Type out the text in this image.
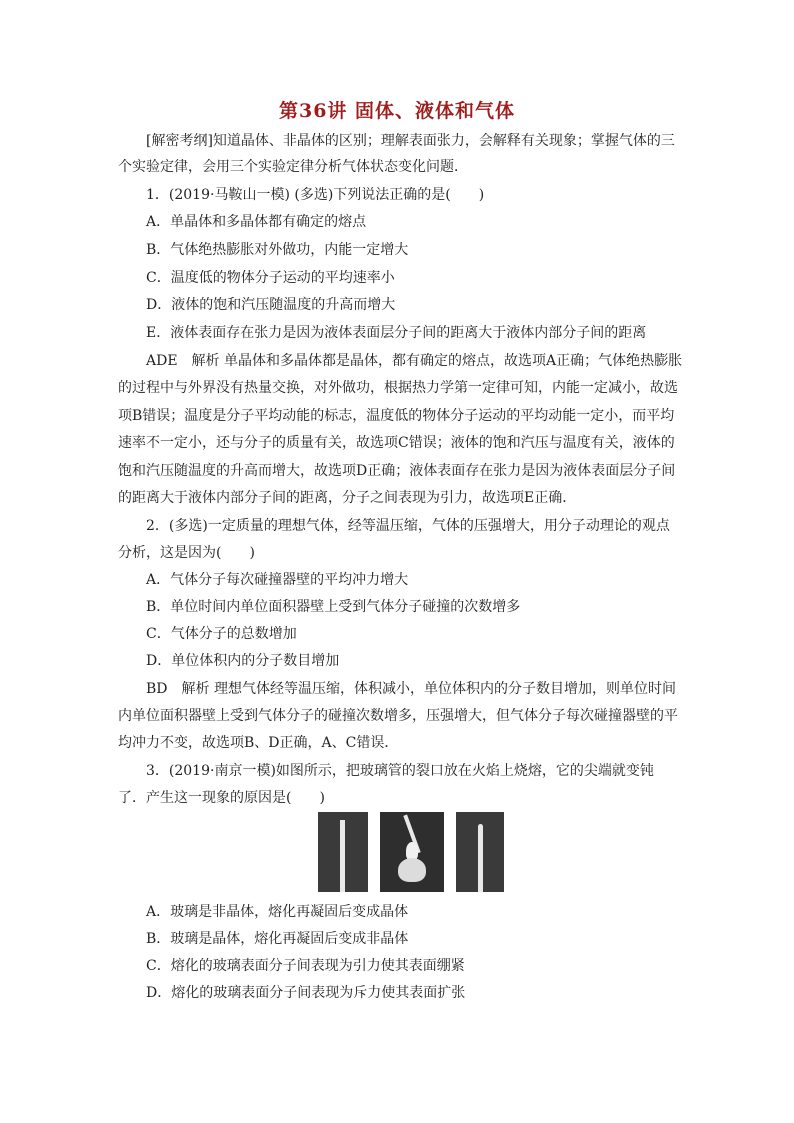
第36讲 固体、液体和气体
[解密考纲]知道晶体、非晶体的区别；理解表面张力，会解释有关现象；掌握气体的三
个实验定律，会用三个实验定律分析气体状态变化问题．
1．(2019·马鞍山一模) (多选)下列说法正确的是(　　)
A．单晶体和多晶体都有确定的熔点
B．气体绝热膨胀对外做功，内能一定增大
C．温度低的物体分子运动的平均速率小
D．液体的饱和汽压随温度的升高而增大
E．液体表面存在张力是因为液体表面层分子间的距离大于液体内部分子间的距离
ADE　解析 单晶体和多晶体都是晶体，都有确定的熔点，故选项A正确；气体绝热膨胀
的过程中与外界没有热量交换，对外做功，根据热力学第一定律可知，内能一定减小，故选
项B错误；温度是分子平均动能的标志，温度低的物体分子运动的平均动能一定小，而平均
速率不一定小，还与分子的质量有关，故选项C错误；液体的饱和汽压与温度有关，液体的
饱和汽压随温度的升高而增大，故选项D正确；液体表面存在张力是因为液体表面层分子间
的距离大于液体内部分子间的距离，分子之间表现为引力，故选项E正确．
2．(多选)一定质量的理想气体，经等温压缩，气体的压强增大，用分子动理论的观点
分析，这是因为(　　)
A．气体分子每次碰撞器壁的平均冲力增大
B．单位时间内单位面积器壁上受到气体分子碰撞的次数增多
C．气体分子的总数增加
D．单位体积内的分子数目增加
BD　解析 理想气体经等温压缩，体积减小，单位体积内的分子数目增加，则单位时间
内单位面积器壁上受到气体分子的碰撞次数增多，压强增大，但气体分子每次碰撞器壁的平
均冲力不变，故选项B、D正确，A、C错误．
3．(2019·南京一模)如图所示，把玻璃管的裂口放在火焰上烧熔，它的尖端就变钝
了．产生这一现象的原因是(　　)
A．玻璃是非晶体，熔化再凝固后变成晶体
B．玻璃是晶体，熔化再凝固后变成非晶体
C．熔化的玻璃表面分子间表现为引力使其表面绷紧
D．熔化的玻璃表面分子间表现为斥力使其表面扩张
